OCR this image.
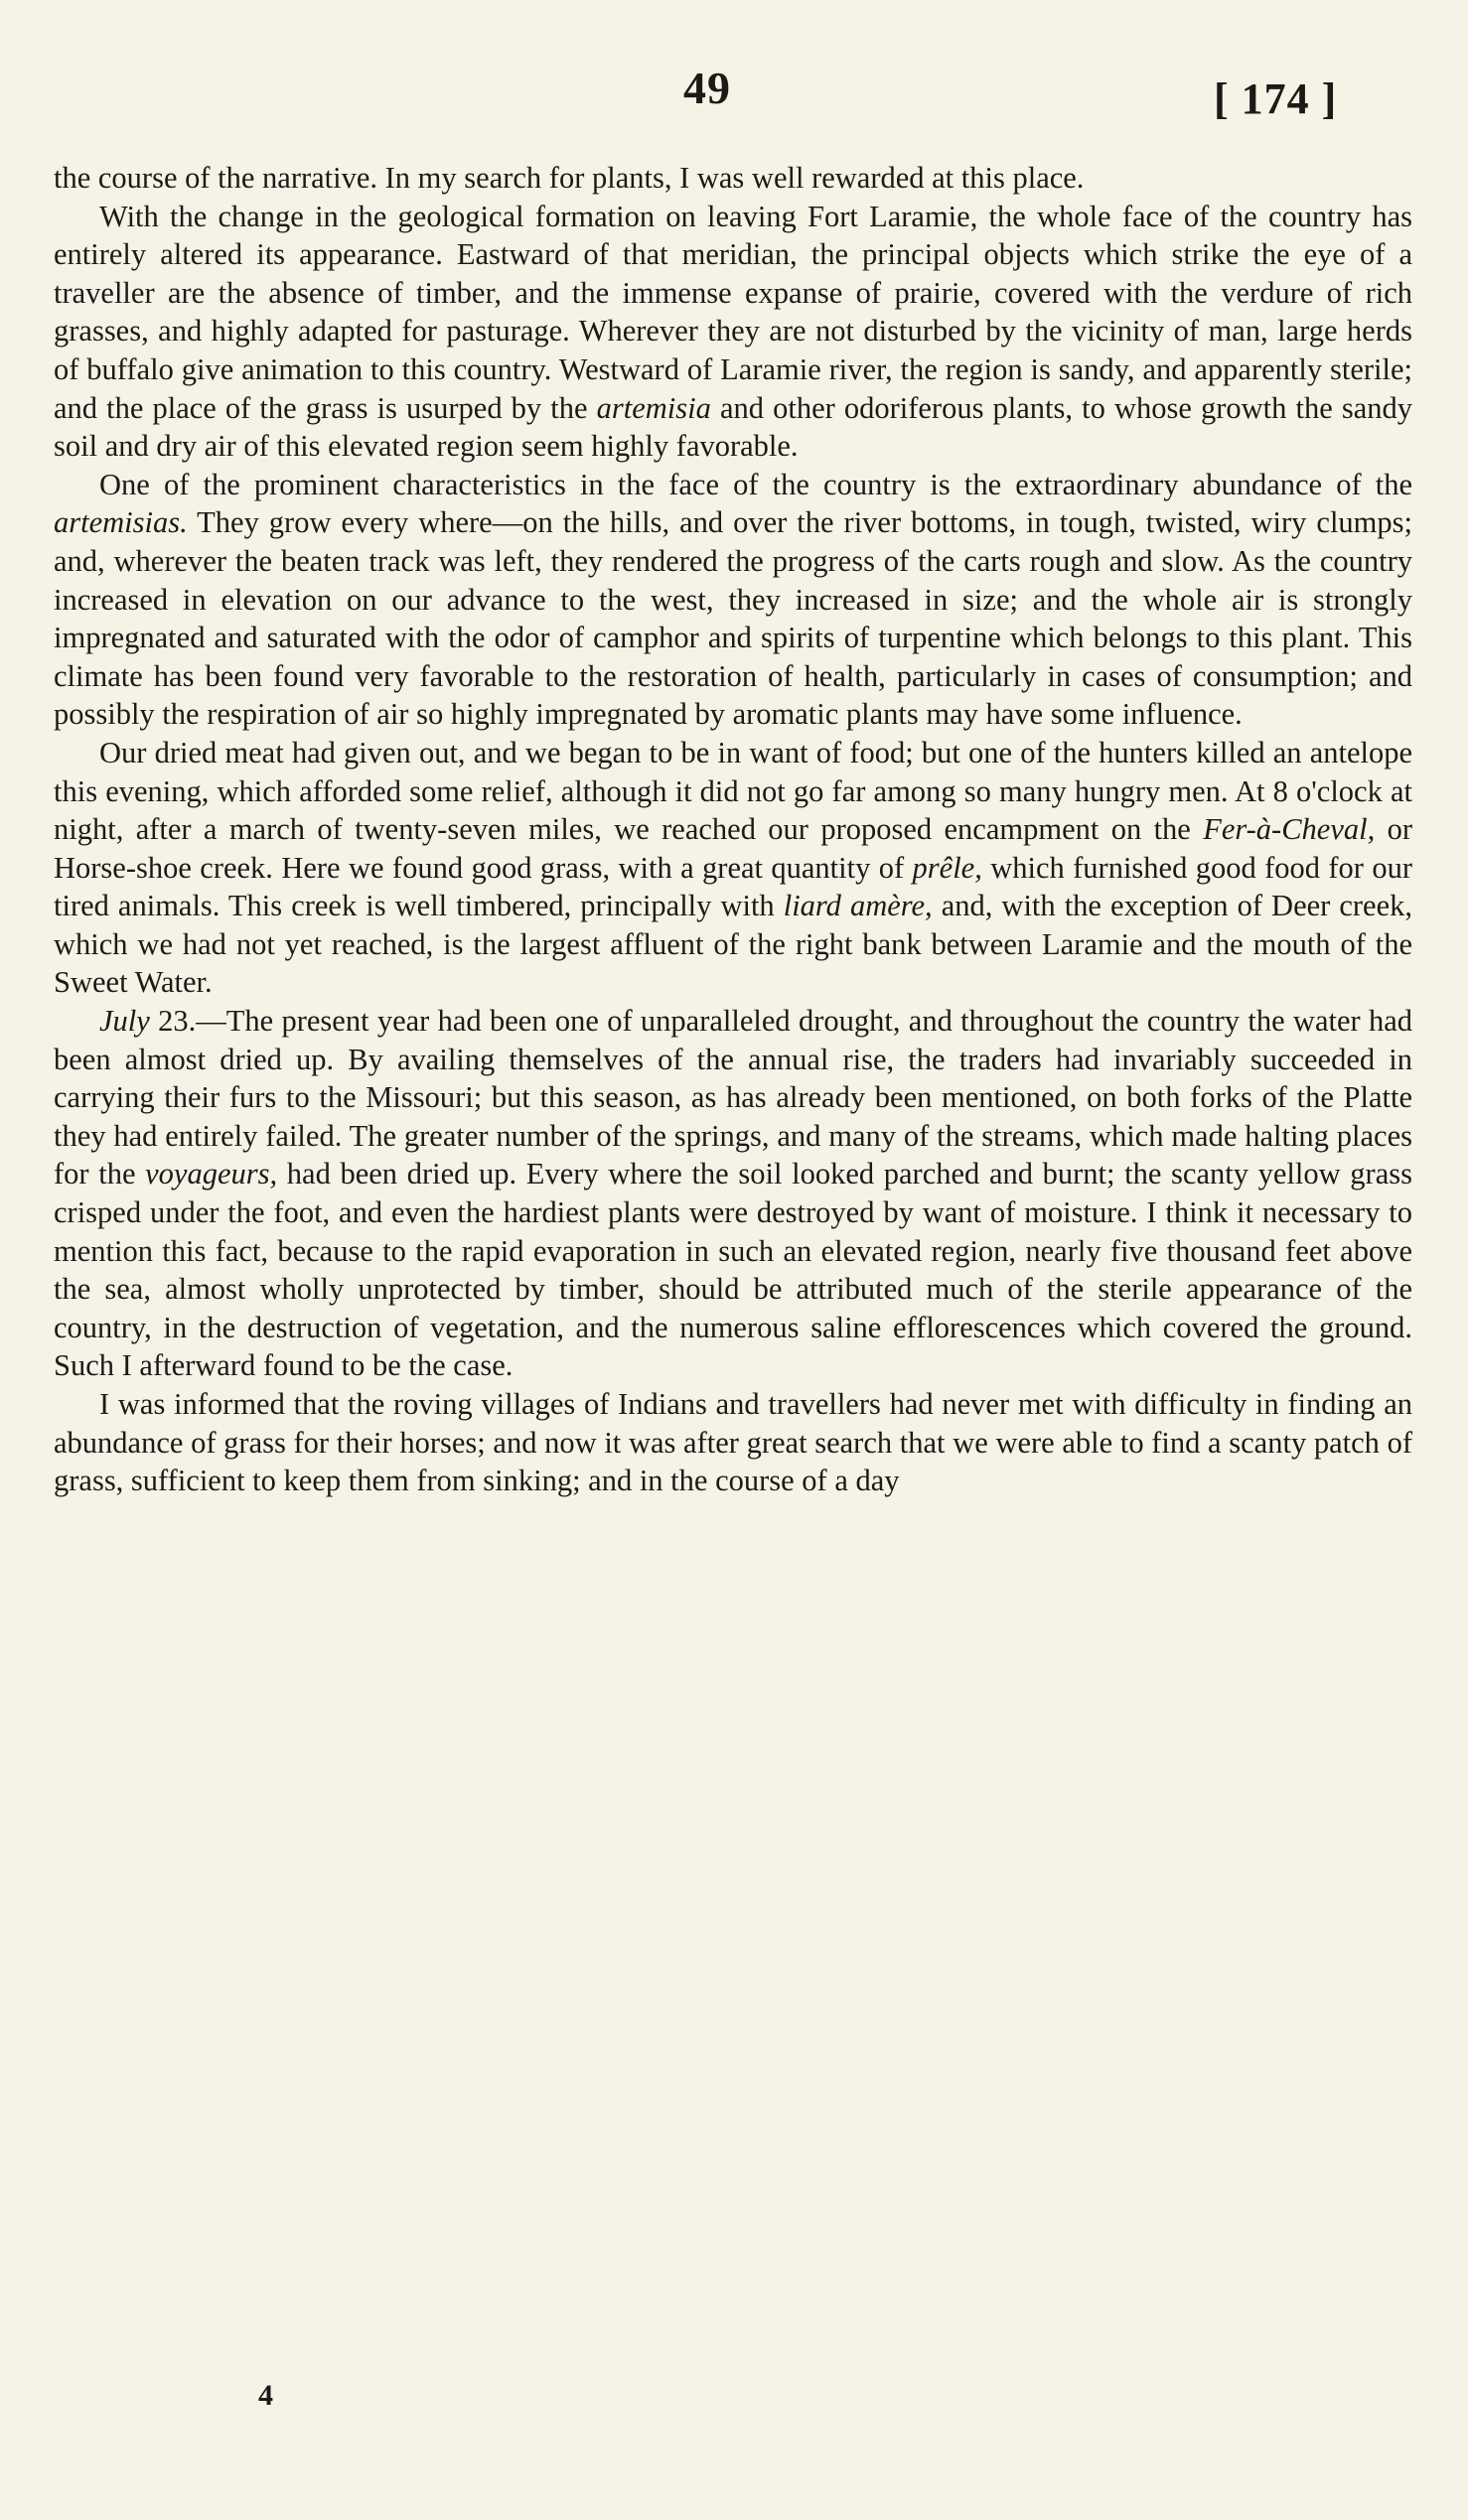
49	[ 174 ]

the course of the narrative. In my search for plants, I was well rewarded at this place.

With the change in the geological formation on leaving Fort Laramie, the whole face of the country has entirely altered its appearance. Eastward of that meridian, the principal objects which strike the eye of a traveller are the absence of timber, and the immense expanse of prairie, covered with the verdure of rich grasses, and highly adapted for pasturage. Wherever they are not disturbed by the vicinity of man, large herds of buffalo give animation to this country. Westward of Laramie river, the region is sandy, and apparently sterile; and the place of the grass is usurped by the artemisia and other odoriferous plants, to whose growth the sandy soil and dry air of this elevated region seem highly favorable.

One of the prominent characteristics in the face of the country is the extraordinary abundance of the artemisias. They grow every where—on the hills, and over the river bottoms, in tough, twisted, wiry clumps; and, wherever the beaten track was left, they rendered the progress of the carts rough and slow. As the country increased in elevation on our advance to the west, they increased in size; and the whole air is strongly impregnated and saturated with the odor of camphor and spirits of turpentine which belongs to this plant. This climate has been found very favorable to the restoration of health, particularly in cases of consumption; and possibly the respiration of air so highly impregnated by aromatic plants may have some influence.

Our dried meat had given out, and we began to be in want of food; but one of the hunters killed an antelope this evening, which afforded some relief, although it did not go far among so many hungry men. At 8 o'clock at night, after a march of twenty-seven miles, we reached our proposed encampment on the Fer-à-Cheval, or Horse-shoe creek. Here we found good grass, with a great quantity of prêle, which furnished good food for our tired animals. This creek is well timbered, principally with liard amère, and, with the exception of Deer creek, which we had not yet reached, is the largest affluent of the right bank between Laramie and the mouth of the Sweet Water.

July 23.—The present year had been one of unparalleled drought, and throughout the country the water had been almost dried up. By availing themselves of the annual rise, the traders had invariably succeeded in carrying their furs to the Missouri; but this season, as has already been mentioned, on both forks of the Platte they had entirely failed. The greater number of the springs, and many of the streams, which made halting places for the voyageurs, had been dried up. Every where the soil looked parched and burnt; the scanty yellow grass crisped under the foot, and even the hardiest plants were destroyed by want of moisture. I think it necessary to mention this fact, because to the rapid evaporation in such an elevated region, nearly five thousand feet above the sea, almost wholly unprotected by timber, should be attributed much of the sterile appearance of the country, in the destruction of vegetation, and the numerous saline efflorescences which covered the ground. Such I afterward found to be the case.

I was informed that the roving villages of Indians and travellers had never met with difficulty in finding an abundance of grass for their horses; and now it was after great search that we were able to find a scanty patch of grass, sufficient to keep them from sinking; and in the course of a day

4
